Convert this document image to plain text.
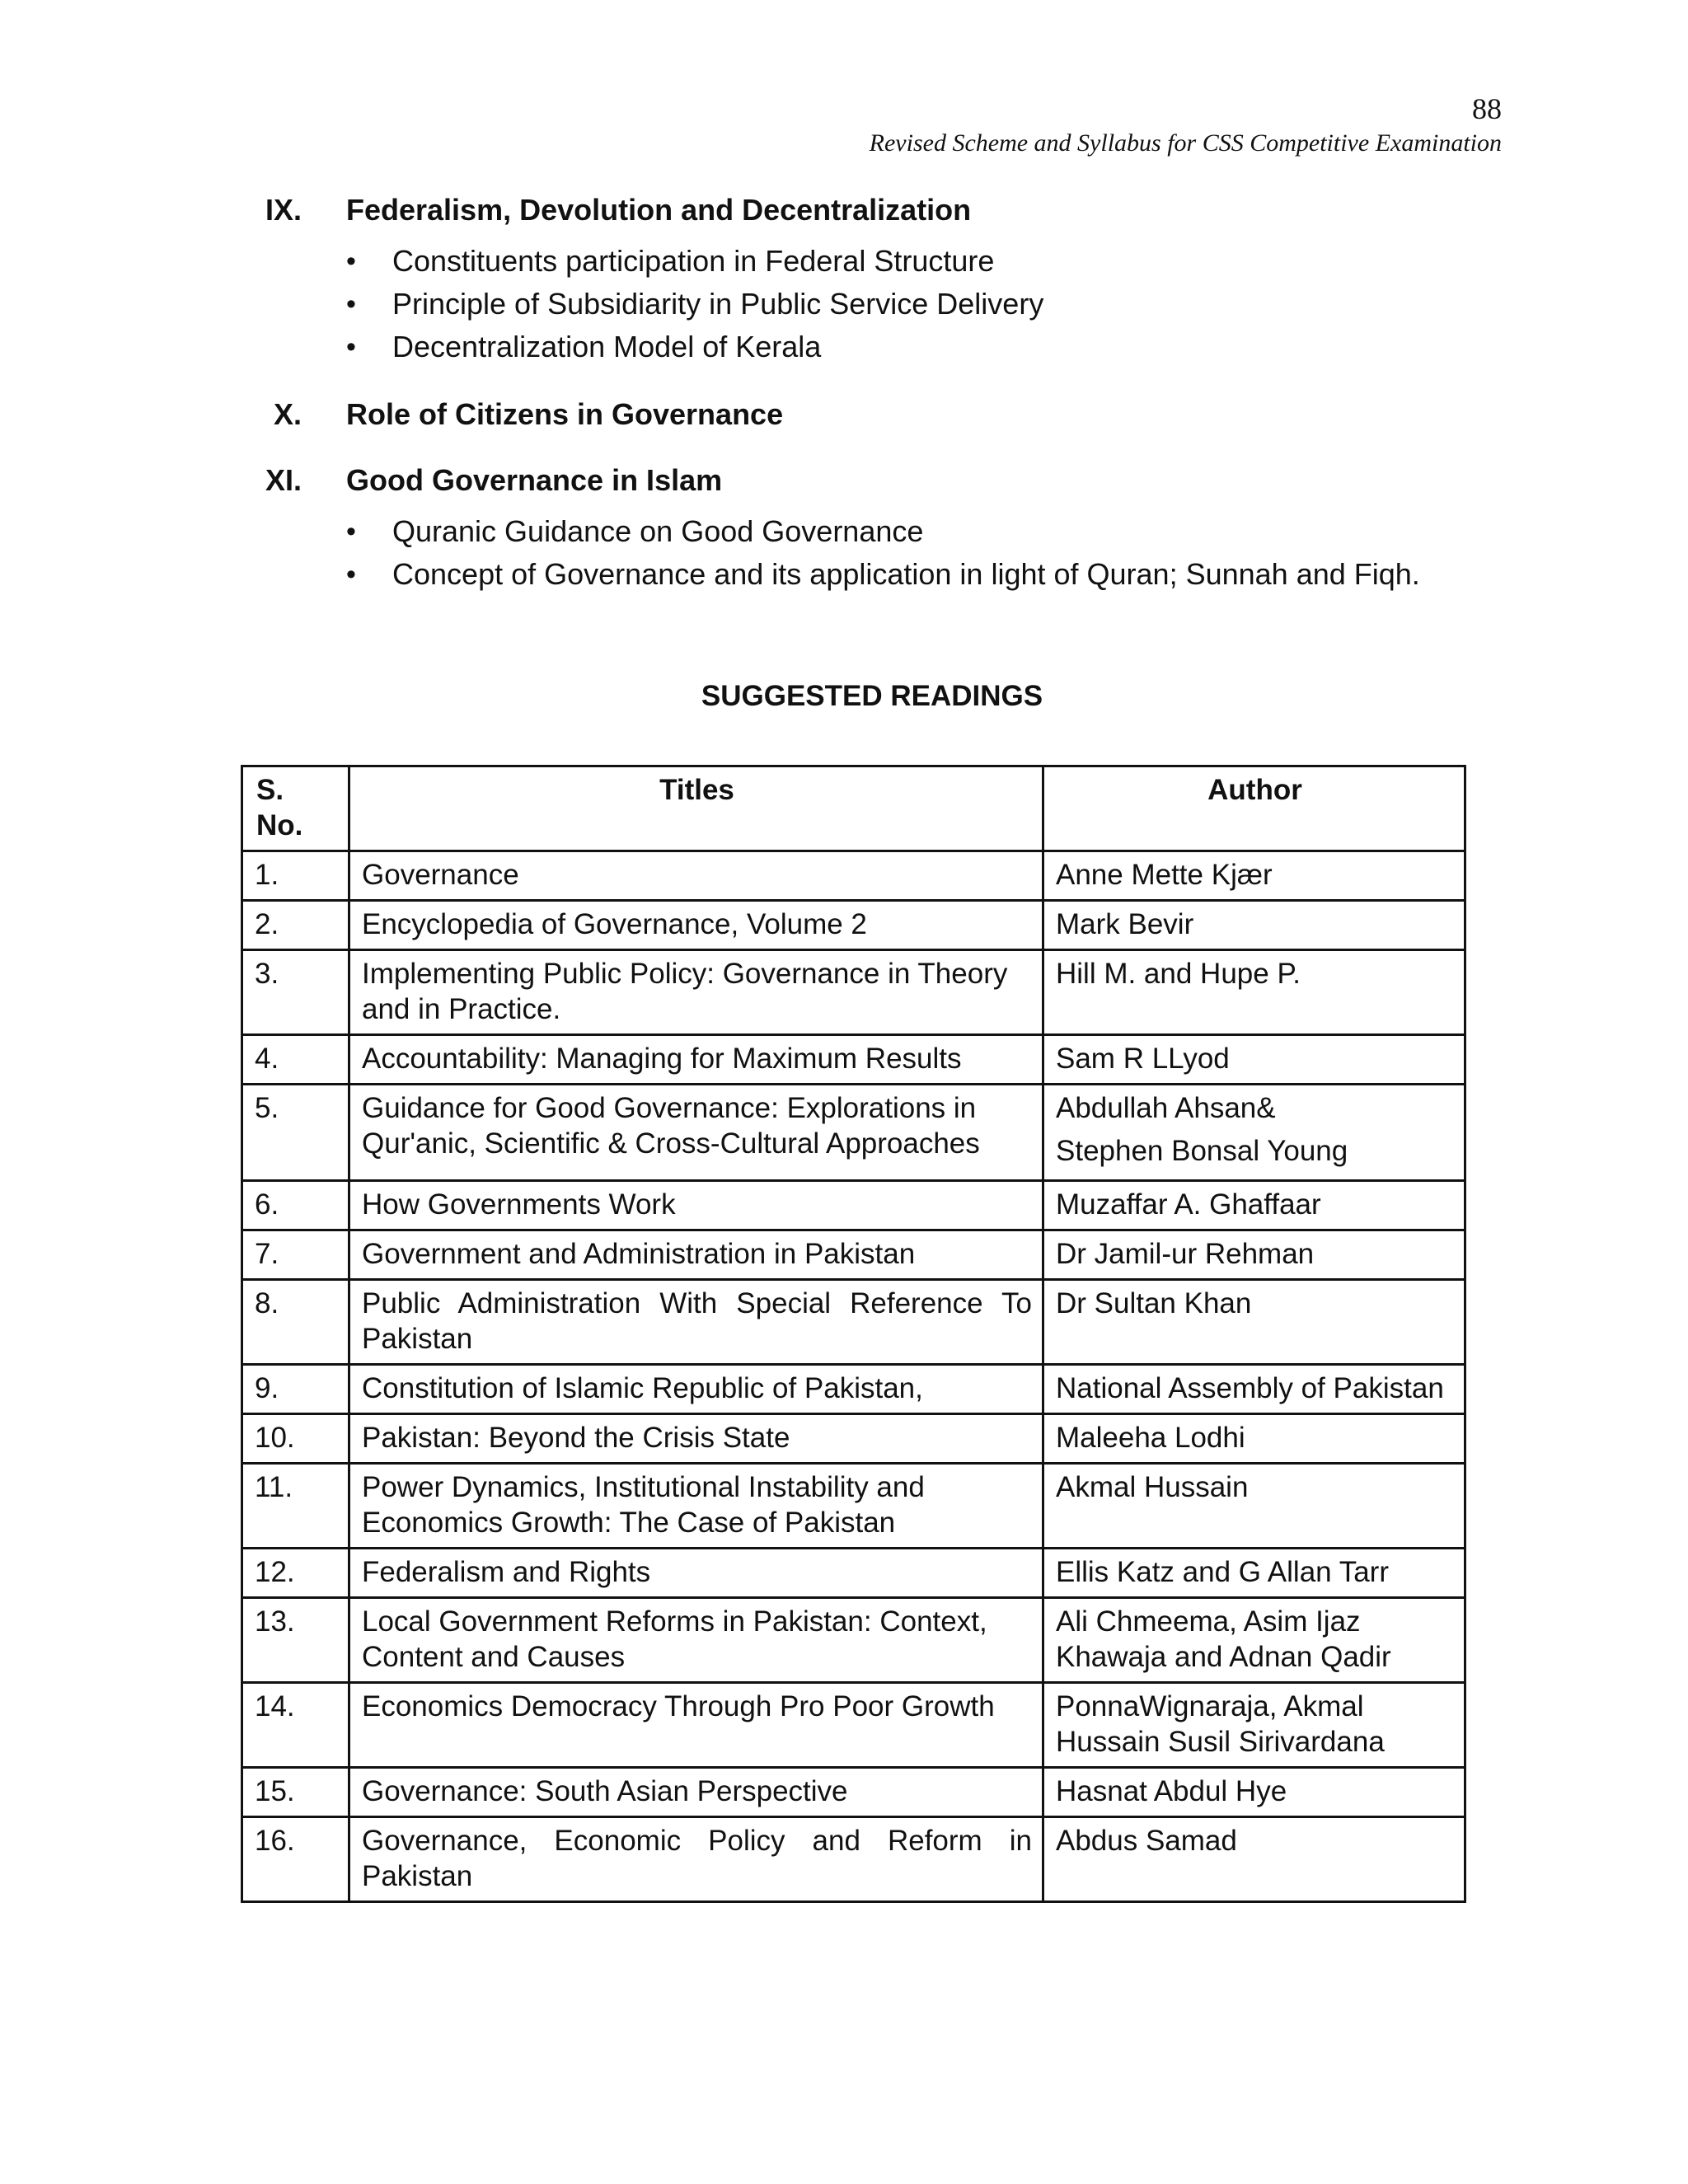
88
Revised Scheme and Syllabus for CSS Competitive Examination
IX. Federalism, Devolution and Decentralization
• Constituents participation in Federal Structure
• Principle of Subsidiarity in Public Service Delivery
• Decentralization Model of Kerala
X. Role of Citizens in Governance
XI. Good Governance in Islam
• Quranic Guidance on Good Governance
• Concept of Governance and its application in light of Quran; Sunnah and Fiqh.
SUGGESTED READINGS
S. No.	Titles	Author
1.	Governance	Anne Mette Kjær
2.	Encyclopedia of Governance, Volume 2	Mark Bevir
3.	Implementing Public Policy: Governance in Theory and in Practice.	Hill M. and Hupe P.
4.	Accountability: Managing for Maximum Results	Sam R LLyod
5.	Guidance for Good Governance: Explorations in Qur'anic, Scientific & Cross-Cultural Approaches	Abdullah Ahsan&
Stephen Bonsal Young

6.	How Governments Work	Muzaffar A. Ghaffaar
7.	Government and Administration in Pakistan	Dr Jamil-ur Rehman
8.	Public Administration With Special Reference To Pakistan	Dr Sultan Khan
9.	Constitution of Islamic Republic of Pakistan,	National Assembly of Pakistan
10.	Pakistan: Beyond the Crisis State	Maleeha Lodhi
11.	Power Dynamics, Institutional Instability and Economics Growth: The Case of Pakistan	Akmal Hussain
12.	Federalism and Rights	Ellis Katz and G Allan Tarr
13.	Local Government Reforms in Pakistan: Context, Content and Causes	Ali Chmeema, Asim Ijaz Khawaja and Adnan Qadir
14.	Economics Democracy Through Pro Poor Growth	PonnaWignaraja, Akmal Hussain Susil Sirivardana
15.	Governance: South Asian Perspective	Hasnat Abdul Hye
16.	Governance, Economic Policy and Reform in Pakistan	Abdus Samad
